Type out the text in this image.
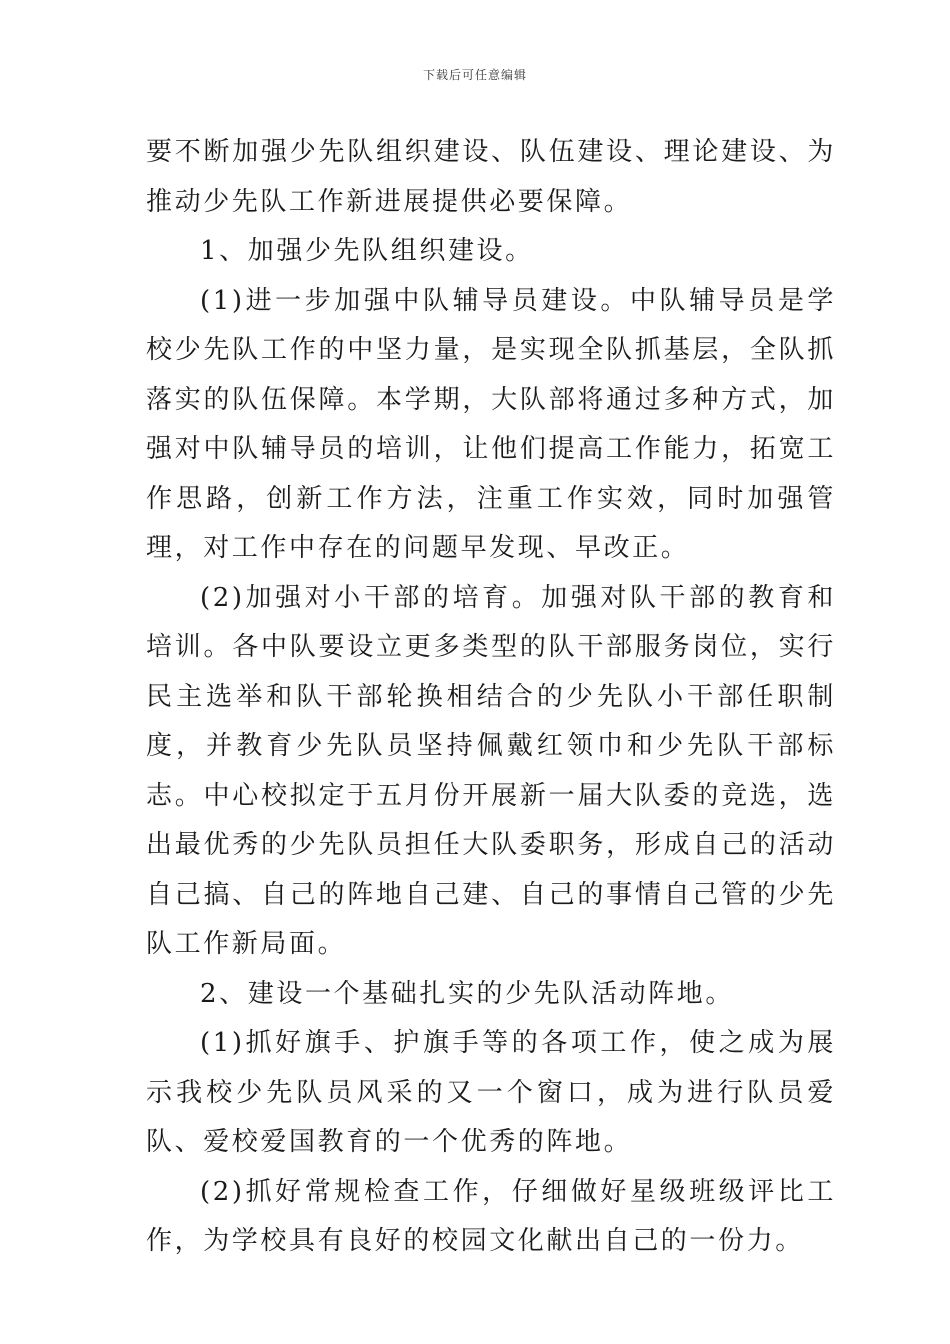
下载后可任意编辑

要不断加强少先队组织建设、队伍建设、理论建设、为推动少先队工作新进展提供必要保障。

1、加强少先队组织建设。

(1)进一步加强中队辅导员建设。中队辅导员是学校少先队工作的中坚力量，是实现全队抓基层，全队抓落实的队伍保障。本学期，大队部将通过多种方式，加强对中队辅导员的培训，让他们提高工作能力，拓宽工作思路，创新工作方法，注重工作实效，同时加强管理，对工作中存在的问题早发现、早改正。

(2)加强对小干部的培育。加强对队干部的教育和培训。各中队要设立更多类型的队干部服务岗位，实行民主选举和队干部轮换相结合的少先队小干部任职制度，并教育少先队员坚持佩戴红领巾和少先队干部标志。中心校拟定于五月份开展新一届大队委的竞选，选出最优秀的少先队员担任大队委职务，形成自己的活动自己搞、自己的阵地自己建、自己的事情自己管的少先队工作新局面。

2、建设一个基础扎实的少先队活动阵地。

(1)抓好旗手、护旗手等的各项工作，使之成为展示我校少先队员风采的又一个窗口，成为进行队员爱队、爱校爱国教育的一个优秀的阵地。

(2)抓好常规检查工作，仔细做好星级班级评比工作，为学校具有良好的校园文化献出自己的一份力。
